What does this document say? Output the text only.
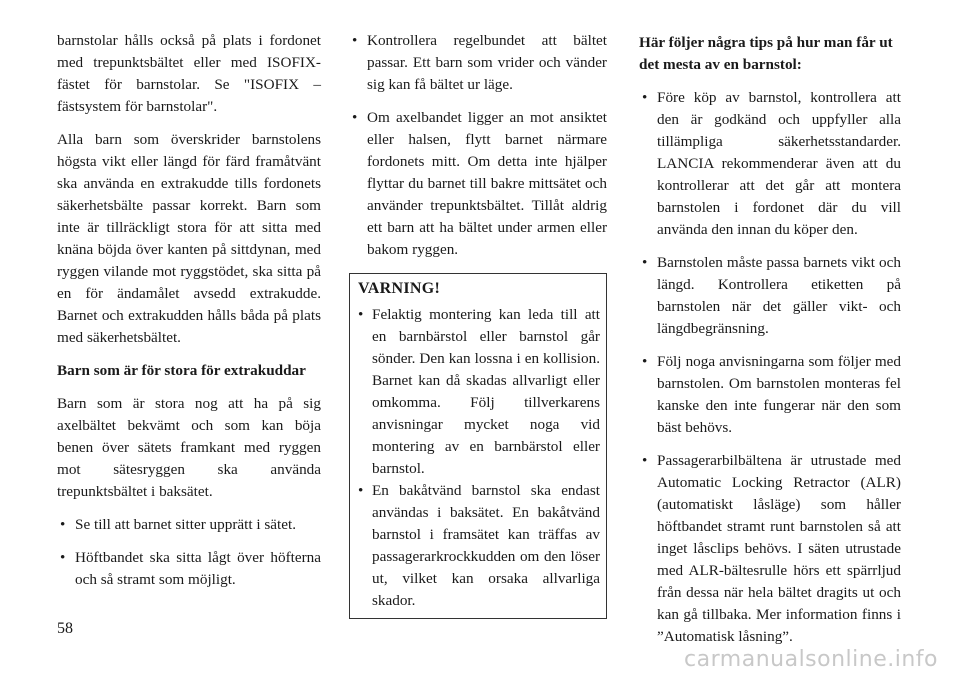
barnstolar hålls också på plats i fordonet med trepunktsbältet eller med ISOFIX-fästet för barnstolar. Se "ISOFIX – fästsystem för barnstolar".

Alla barn som överskrider barnstolens högsta vikt eller längd för färd framåtvänt ska använda en extrakudde tills fordonets säkerhetsbälte passar korrekt. Barn som inte är tillräckligt stora för att sitta med knäna böjda över kanten på sittdynan, med ryggen vilande mot ryggstödet, ska sitta på en för ändamålet avsedd extrakudde. Barnet och extrakudden hålls båda på plats med säkerhetsbältet.

Barn som är för stora för extrakuddar

Barn som är stora nog att ha på sig axelbältet bekvämt och som kan böja benen över sätets framkant med ryggen mot sätesryggen ska använda trepunktsbältet i baksätet.

• Se till att barnet sitter upprätt i sätet.
• Höftbandet ska sitta lågt över höfterna och så stramt som möjligt.
• Kontrollera regelbundet att bältet passar. Ett barn som vrider och vänder sig kan få bältet ur läge.
• Om axelbandet ligger an mot ansiktet eller halsen, flytt barnet närmare fordonets mitt. Om detta inte hjälper flyttar du barnet till bakre mittsätet och använder trepunktsbältet. Tillåt aldrig ett barn att ha bältet under armen eller bakom ryggen.

VARNING!

• Felaktig montering kan leda till att en barnbärstol eller barnstol går sönder. Den kan lossna i en kollision. Barnet kan då skadas allvarligt eller omkomma. Följ tillverkarens anvisningar mycket noga vid montering av en barnbärstol eller barnstol.
• En bakåtvänd barnstol ska endast användas i baksätet. En bakåtvänd barnstol i framsätet kan träffas av passagerarkrockkudden om den löser ut, vilket kan orsaka allvarliga skador.

Här följer några tips på hur man får ut det mesta av en barnstol:

• Före köp av barnstol, kontrollera att den är godkänd och uppfyller alla tillämpliga säkerhetsstandarder. LANCIA rekommenderar även att du kontrollerar att det går att montera barnstolen i fordonet där du vill använda den innan du köper den.
• Barnstolen måste passa barnets vikt och längd. Kontrollera etiketten på barnstolen när det gäller vikt- och längdbegränsning.
• Följ noga anvisningarna som följer med barnstolen. Om barnstolen monteras fel kanske den inte fungerar när den som bäst behövs.
• Passagerarbilbältena är utrustade med Automatic Locking Retractor (ALR) (automatiskt låsläge) som håller höftbandet stramt runt barnstolen så att inget låsclips behövs. I säten utrustade med ALR-bältesrulle hörs ett spärrljud från dessa när hela bältet dragits ut och kan gå tillbaka. Mer information finns i ”Automatisk låsning”.
58
carmanualsonline.info
